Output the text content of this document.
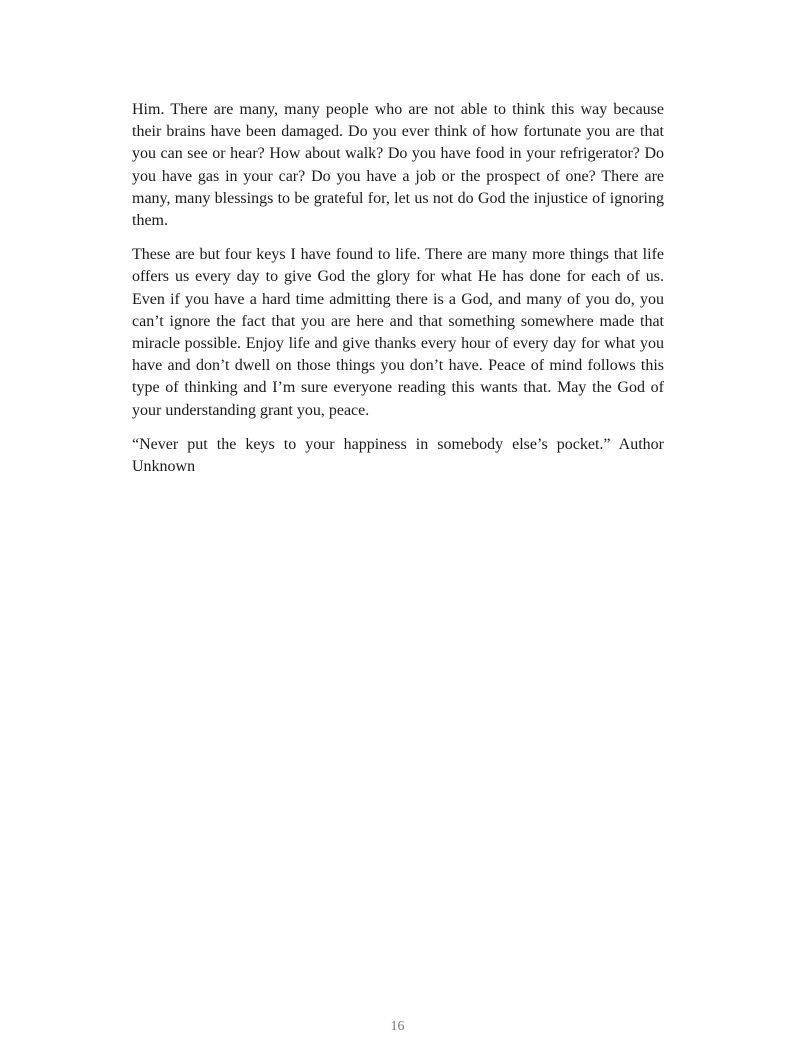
Him. There are many, many people who are not able to think this way because their brains have been damaged. Do you ever think of how fortunate you are that you can see or hear? How about walk? Do you have food in your refrigerator? Do you have gas in your car? Do you have a job or the prospect of one? There are many, many blessings to be grateful for, let us not do God the injustice of ignoring them.

These are but four keys I have found to life. There are many more things that life offers us every day to give God the glory for what He has done for each of us. Even if you have a hard time admitting there is a God, and many of you do, you can’t ignore the fact that you are here and that something somewhere made that miracle possible. Enjoy life and give thanks every hour of every day for what you have and don’t dwell on those things you don’t have. Peace of mind follows this type of thinking and I’m sure everyone reading this wants that. May the God of your understanding grant you, peace.

“Never put the keys to your happiness in somebody else’s pocket.” Author Unknown

16
